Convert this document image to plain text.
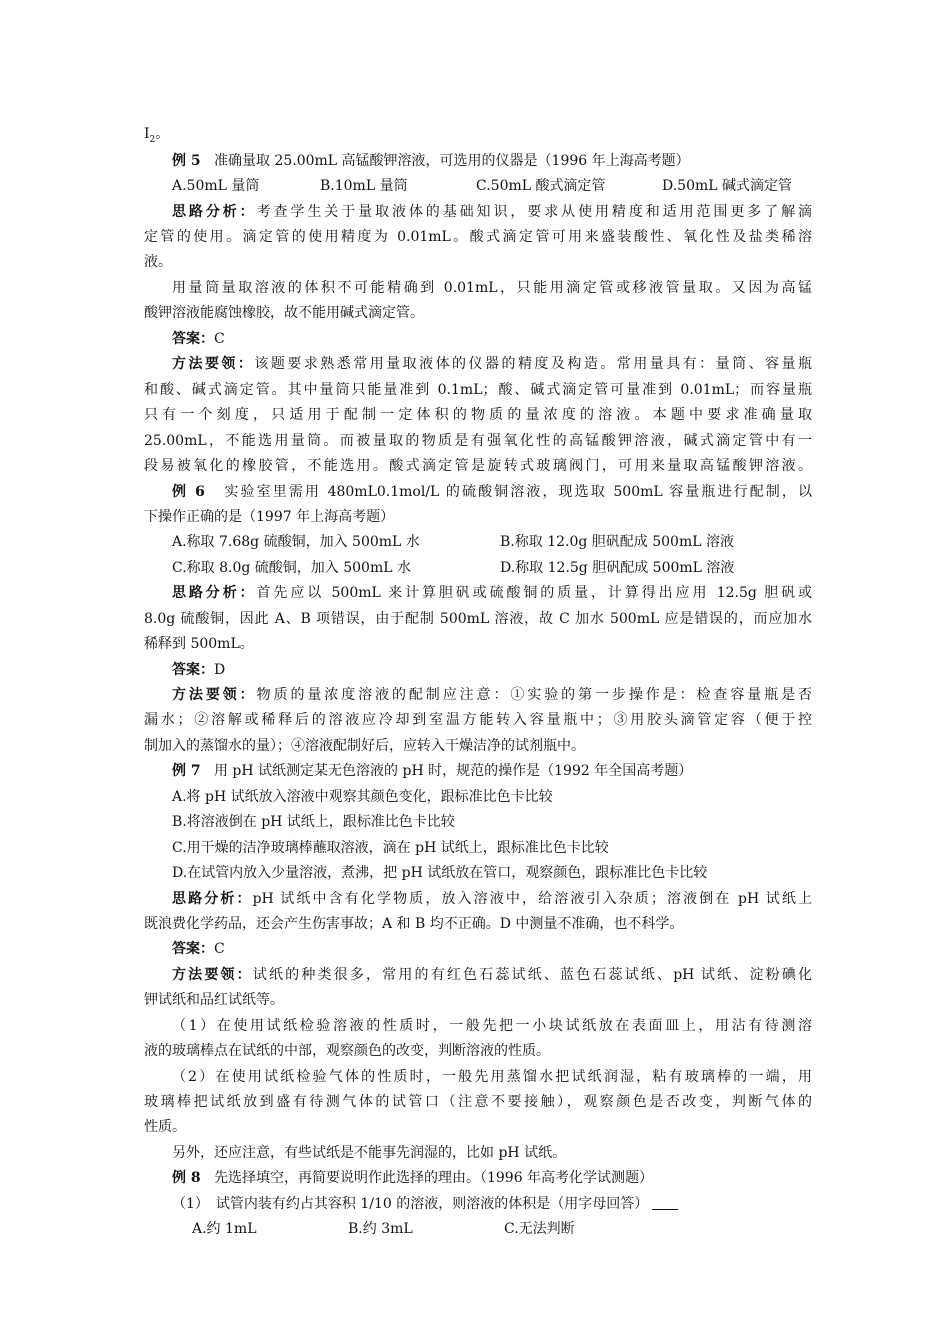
$I_2$。
例 5 准确量取 25.00mL 高锰酸钾溶液，可选用的仪器是（1996 年上海高考题）
A.50mL 量筒	B.10mL 量筒	C.50mL 酸式滴定管	D.50mL 碱式滴定管
思路分析：考查学生关于量取液体的基础知识，要求从使用精度和适用范围更多了解滴
定管的使用。滴定管的使用精度为 0.01mL。酸式滴定管可用来盛装酸性、氧化性及盐类稀溶
液。
用量筒量取溶液的体积不可能精确到 0.01mL，只能用滴定管或移液管量取。又因为高锰
酸钾溶液能腐蚀橡胶，故不能用碱式滴定管。
答案：C
方法要领：该题要求熟悉常用量取液体的仪器的精度及构造。常用量具有：量筒、容量瓶
和酸、碱式滴定管。其中量筒只能量准到 0.1mL；酸、碱式滴定管可量准到 0.01mL；而容量瓶
只有一个刻度，只适用于配制一定体积的物质的量浓度的溶液。本题中要求准确量取
25.00mL，不能选用量筒。而被量取的物质是有强氧化性的高锰酸钾溶液，碱式滴定管中有一
段易被氧化的橡胶管，不能选用。酸式滴定管是旋转式玻璃阀门，可用来量取高锰酸钾溶液。
例 6 实验室里需用 480mL0.1mol/L 的硫酸铜溶液，现选取 500mL 容量瓶进行配制，以
下操作正确的是（1997 年上海高考题）
A.称取 7.68g 硫酸铜，加入 500mL 水	B.称取 12.0g 胆矾配成 500mL 溶液
C.称取 8.0g 硫酸铜，加入 500mL 水	D.称取 12.5g 胆矾配成 500mL 溶液
思路分析：首先应以 500mL 来计算胆矾或硫酸铜的质量，计算得出应用 12.5g 胆矾或
8.0g 硫酸铜，因此 A、B 项错误，由于配制 500mL 溶液，故 C 加水 500mL 应是错误的，而应加水
稀释到 500mL。
答案：D
方法要领：物质的量浓度溶液的配制应注意：①实验的第一步操作是：检查容量瓶是否
漏水；②溶解或稀释后的溶液应冷却到室温方能转入容量瓶中；③用胶头滴管定容（便于控
制加入的蒸馏水的量）；④溶液配制好后，应转入干燥洁净的试剂瓶中。
例 7 用 pH 试纸测定某无色溶液的 pH 时，规范的操作是（1992 年全国高考题）
A.将 pH 试纸放入溶液中观察其颜色变化，跟标准比色卡比较
B.将溶液倒在 pH 试纸上，跟标准比色卡比较
C.用干燥的洁净玻璃棒蘸取溶液，滴在 pH 试纸上，跟标准比色卡比较
D.在试管内放入少量溶液，煮沸，把 pH 试纸放在管口，观察颜色，跟标准比色卡比较
思路分析：pH 试纸中含有化学物质，放入溶液中，给溶液引入杂质；溶液倒在 pH 试纸上
既浪费化学药品，还会产生伤害事故；A 和 B 均不正确。D 中测量不准确，也不科学。
答案：C
方法要领：试纸的种类很多，常用的有红色石蕊试纸、蓝色石蕊试纸、pH 试纸、淀粉碘化
钾试纸和品红试纸等。
（1）在使用试纸检验溶液的性质时，一般先把一小块试纸放在表面皿上，用沾有待测溶
液的玻璃棒点在试纸的中部，观察颜色的改变，判断溶液的性质。
（2）在使用试纸检验气体的性质时，一般先用蒸馏水把试纸润湿，粘有玻璃棒的一端，用
玻璃棒把试纸放到盛有待测气体的试管口（注意不要接触），观察颜色是否改变，判断气体的
性质。
另外，还应注意，有些试纸是不能事先润湿的，比如 pH 试纸。
例 8 先选择填空，再简要说明作此选择的理由。（1996 年高考化学试测题）
（1）　试管内装有约占其容积 1/10 的溶液，则溶液的体积是（用字母回答）
A.约 1mL	B.约 3mL	C.无法判断
